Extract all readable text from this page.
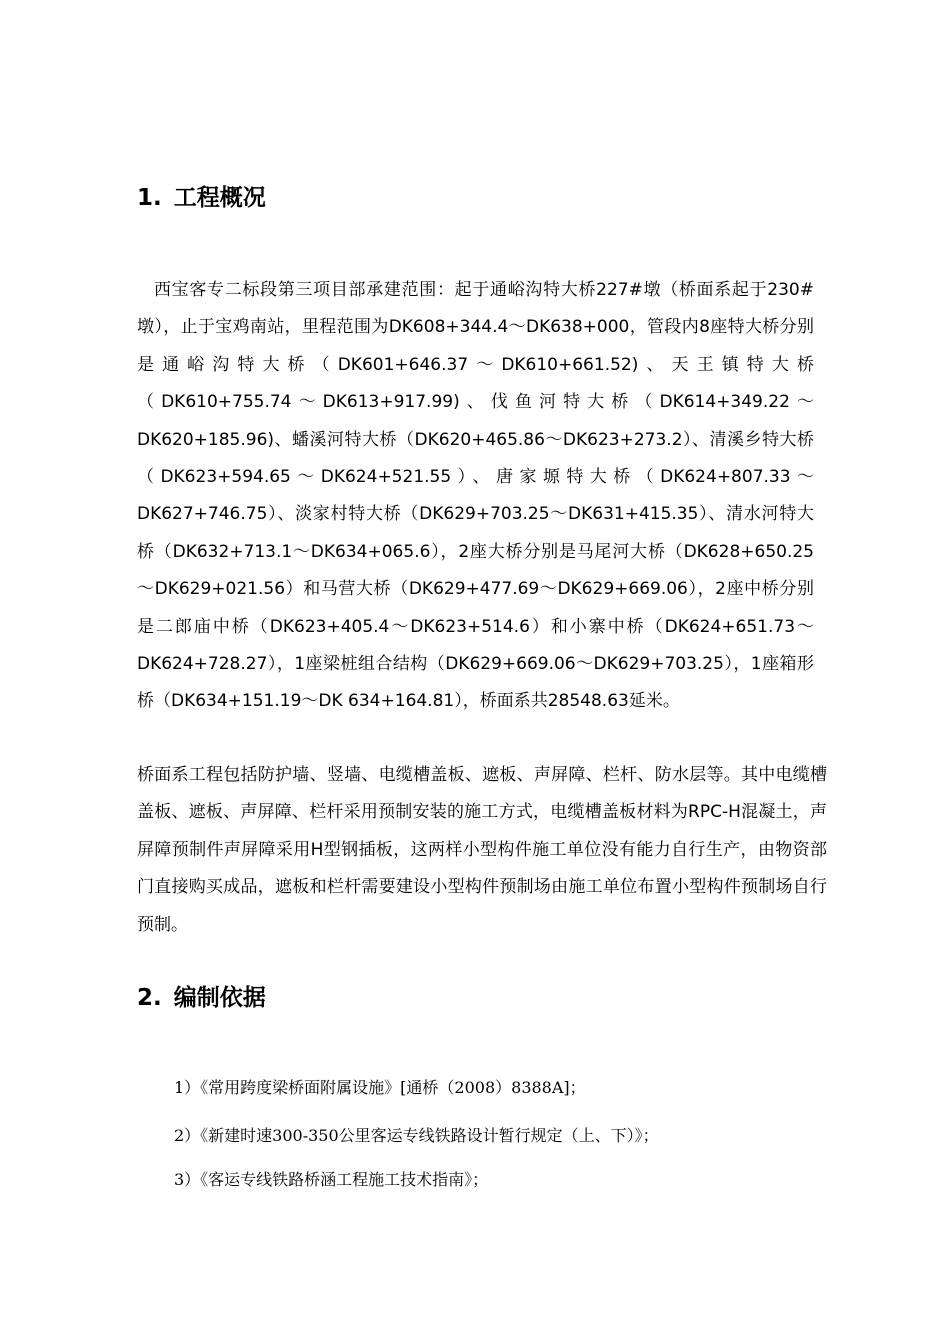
1. 工程概况

西宝客专二标段第三项目部承建范围：起于通峪沟特大桥227#墩（桥面系起于230#墩），止于宝鸡南站，里程范围为DK608+344.4～DK638+000，管段内8座特大桥分别是通峪沟特大桥（DK601+646.37～DK610+661.52)、天王镇特大桥（DK610+755.74～DK613+917.99)、伐鱼河特大桥（DK614+349.22～DK620+185.96)、蟠溪河特大桥（DK620+465.86～DK623+273.2）、清溪乡特大桥（DK623+594.65～DK624+521.55）、唐家塬特大桥（DK624+807.33～DK627+746.75）、淡家村特大桥（DK629+703.25～DK631+415.35）、清水河特大桥（DK632+713.1～DK634+065.6），2座大桥分别是马尾河大桥（DK628+650.25～DK629+021.56）和马营大桥（DK629+477.69～DK629+669.06），2座中桥分别是二郎庙中桥（DK623+405.4～DK623+514.6）和小寨中桥（DK624+651.73～DK624+728.27），1座梁桩组合结构（DK629+669.06～DK629+703.25），1座箱形桥（DK634+151.19～DK 634+164.81），桥面系共28548.63延米。

桥面系工程包括防护墙、竖墙、电缆槽盖板、遮板、声屏障、栏杆、防水层等。其中电缆槽盖板、遮板、声屏障、栏杆采用预制安装的施工方式，电缆槽盖板材料为RPC-H混凝土，声屏障预制件声屏障采用H型钢插板，这两样小型构件施工单位没有能力自行生产，由物资部门直接购买成品，遮板和栏杆需要建设小型构件预制场由施工单位布置小型构件预制场自行预制。

2. 编制依据

1）《常用跨度梁桥面附属设施》[通桥（2008）8388A]；

2）《新建时速300-350公里客运专线铁路设计暂行规定（上、下）》；

3）《客运专线铁路桥涵工程施工技术指南》；
